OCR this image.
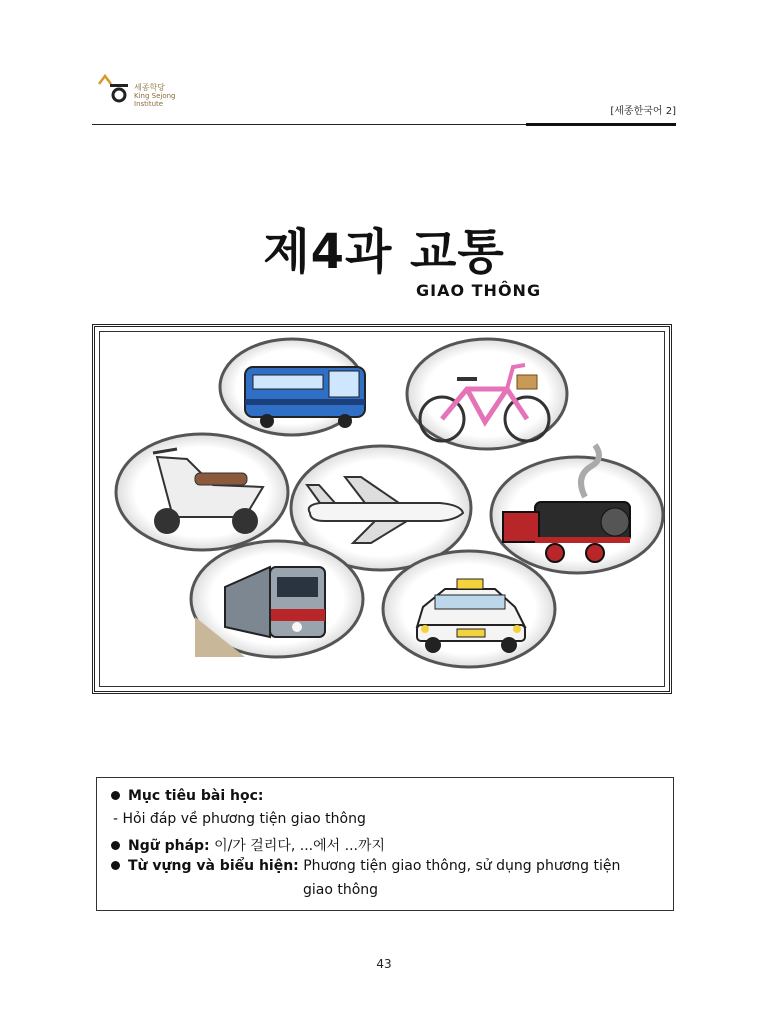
세종학당
King Sejong
Institute
[세종한국어 2]
제4과 교통
GIAO THÔNG
Mục tiêu bài học:
- Hỏi đáp về phương tiện giao thông
Ngữ pháp: 이/가 걸리다, ...에서 ...까지
Từ vựng và biểu hiện: Phương tiện giao thông, sử dụng phương tiện
giao thông
43
